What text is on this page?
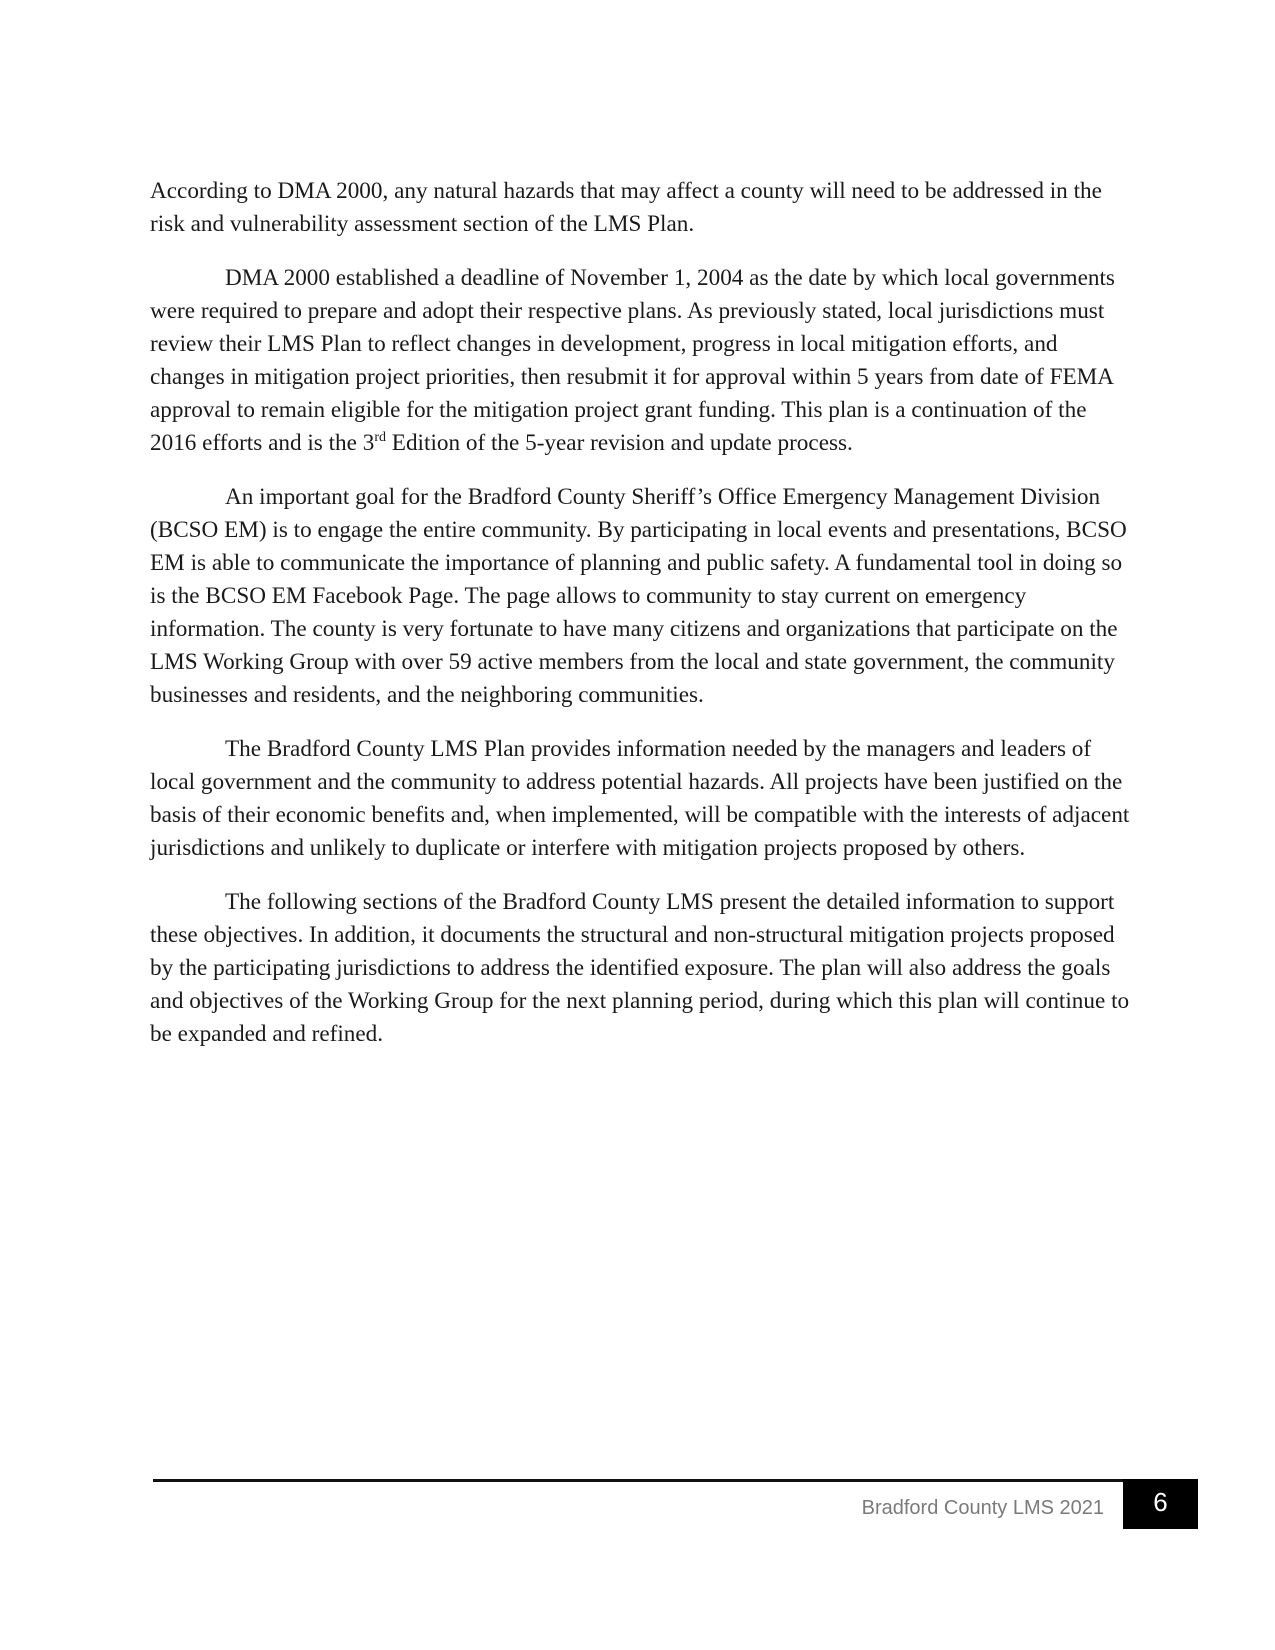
According to DMA 2000, any natural hazards that may affect a county will need to be addressed in the risk and vulnerability assessment section of the LMS Plan.

DMA 2000 established a deadline of November 1, 2004 as the date by which local governments were required to prepare and adopt their respective plans. As previously stated, local jurisdictions must review their LMS Plan to reflect changes in development, progress in local mitigation efforts, and changes in mitigation project priorities, then resubmit it for approval within 5 years from date of FEMA approval to remain eligible for the mitigation project grant funding. This plan is a continuation of the 2016 efforts and is the 3rd Edition of the 5-year revision and update process.

An important goal for the Bradford County Sheriff’s Office Emergency Management Division (BCSO EM) is to engage the entire community. By participating in local events and presentations, BCSO EM is able to communicate the importance of planning and public safety. A fundamental tool in doing so is the BCSO EM Facebook Page. The page allows to community to stay current on emergency information. The county is very fortunate to have many citizens and organizations that participate on the LMS Working Group with over 59 active members from the local and state government, the community businesses and residents, and the neighboring communities.

The Bradford County LMS Plan provides information needed by the managers and leaders of local government and the community to address potential hazards. All projects have been justified on the basis of their economic benefits and, when implemented, will be compatible with the interests of adjacent jurisdictions and unlikely to duplicate or interfere with mitigation projects proposed by others.

The following sections of the Bradford County LMS present the detailed information to support these objectives. In addition, it documents the structural and non-structural mitigation projects proposed by the participating jurisdictions to address the identified exposure. The plan will also address the goals and objectives of the Working Group for the next planning period, during which this plan will continue to be expanded and refined.

Bradford County LMS 2021	6
